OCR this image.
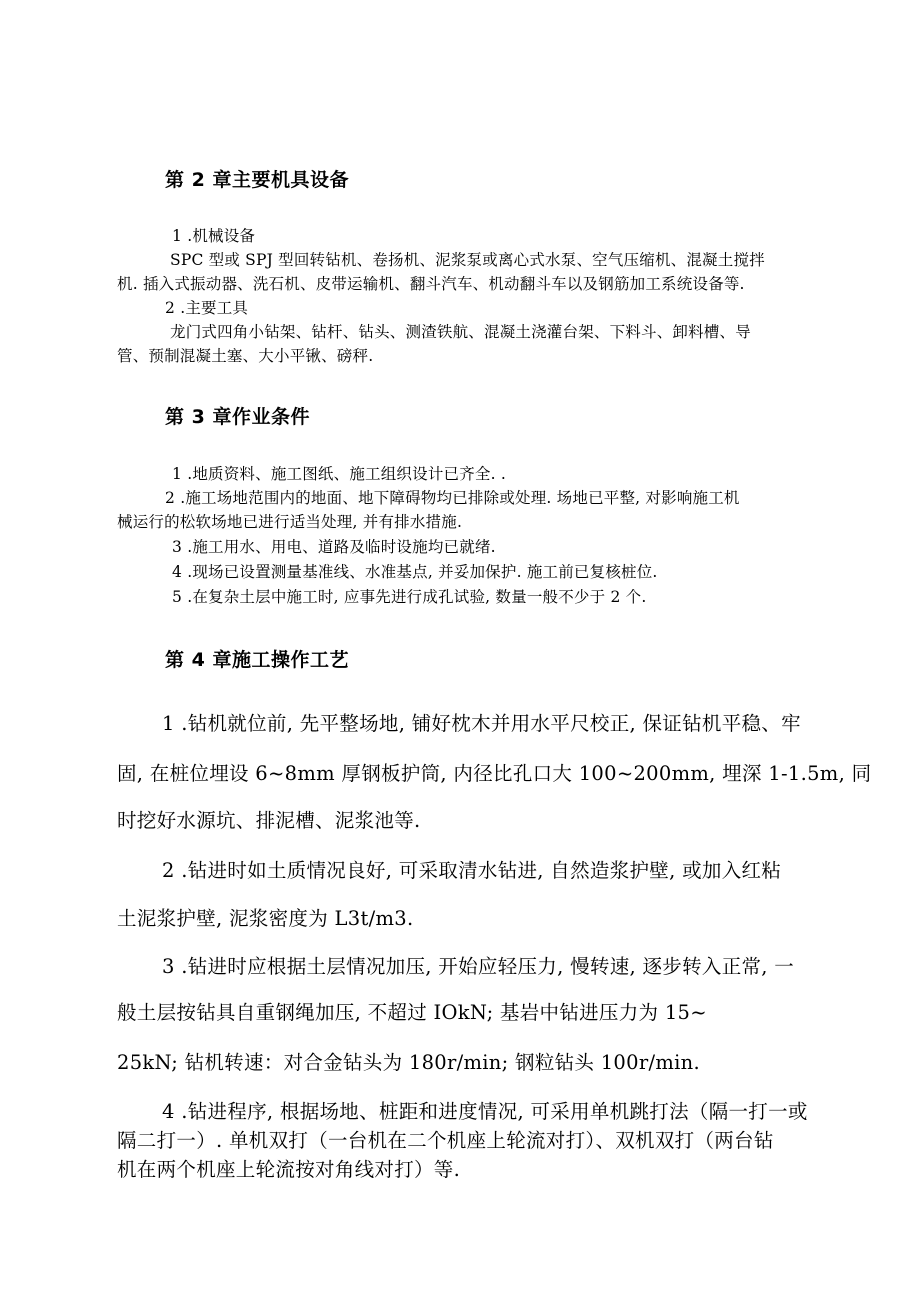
第 2 章主要机具设备
1 .机械设备
SPC 型或 SPJ 型回转钻机、卷扬机、泥浆泵或离心式水泵、空气压缩机、混凝土搅拌
机. 插入式振动器、洗石机、皮带运输机、翻斗汽车、机动翻斗车以及钢筋加工系统设备等.
2 .主要工具
龙门式四角小钻架、钻杆、钻头、测渣铁航、混凝土浇灌台架、下料斗、卸料槽、导
管、预制混凝土塞、大小平锹、磅秤.
第 3 章作业条件
1 .地质资料、施工图纸、施工组织设计已齐全. .
2 .施工场地范围内的地面、地下障碍物均已排除或处理. 场地已平整, 对影响施工机
械运行的松软场地已进行适当处理, 并有排水措施.
3 .施工用水、用电、道路及临时设施均已就绪.
4 .现场已设置测量基准线、水准基点, 并妥加保护. 施工前已复核桩位.
5 .在复杂土层中施工时, 应事先进行成孔试验, 数量一般不少于 2 个.
第 4 章施工操作工艺
1 .钻机就位前, 先平整场地, 铺好枕木并用水平尺校正, 保证钻机平稳、牢
固, 在桩位埋设 6~8mm 厚钢板护筒, 内径比孔口大 100~200mm, 埋深 1-1.5m, 同
时挖好水源坑、排泥槽、泥浆池等.
2 .钻进时如土质情况良好, 可采取清水钻进, 自然造浆护壁, 或加入红粘
土泥浆护壁, 泥浆密度为 L3t/m3.
3 .钻进时应根据土层情况加压, 开始应轻压力, 慢转速, 逐步转入正常, 一
般土层按钻具自重钢绳加压, 不超过 IOkN; 基岩中钻进压力为 15~
25kN; 钻机转速：对合金钻头为 180r/min; 钢粒钻头 100r/min.
4 .钻进程序, 根据场地、桩距和进度情况, 可采用单机跳打法（隔一打一或
隔二打一）. 单机双打（一台机在二个机座上轮流对打）、双机双打（两台钻
机在两个机座上轮流按对角线对打）等.
